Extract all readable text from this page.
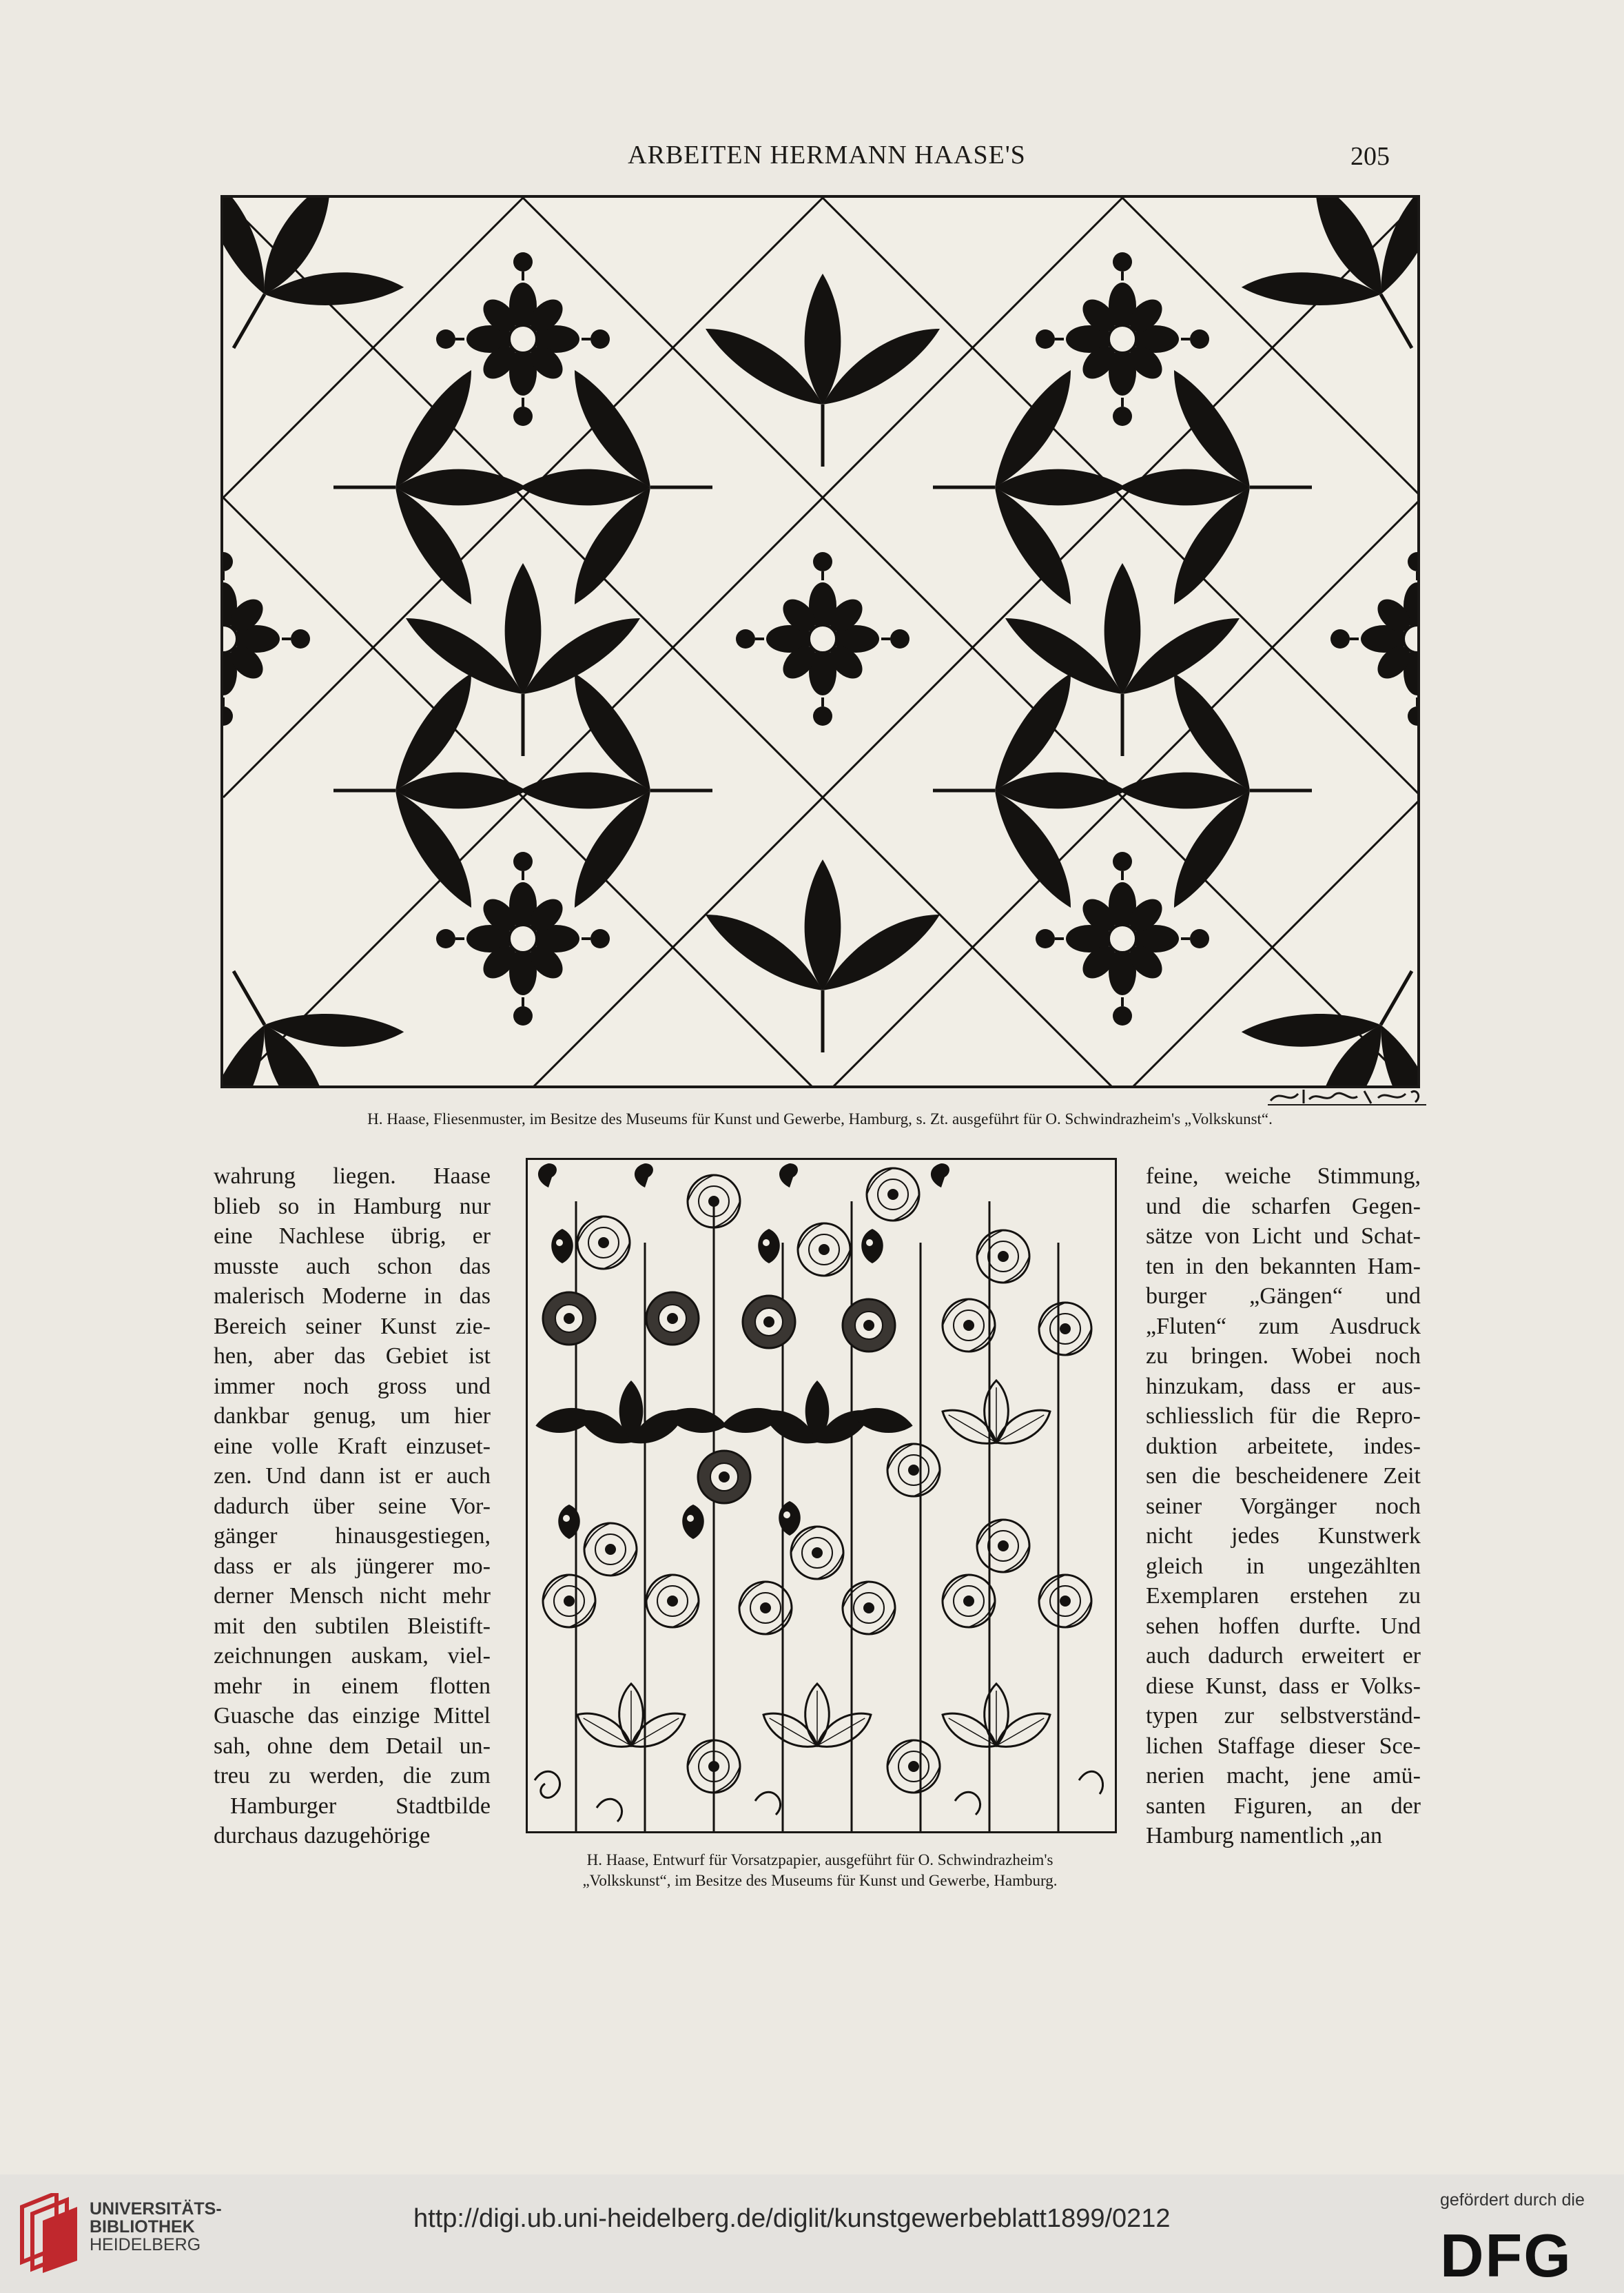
ARBEITEN HERMANN HAASE'S	205
H. Haase, Fliesenmuster, im Besitze des Museums für Kunst und Gewerbe, Hamburg, s. Zt. ausgeführt für O. Schwindrazheim's „Volkskunst“.
wahrung liegen. Haase
blieb so in Hamburg nur
eine Nachlese übrig, er
musste auch schon das
malerisch Moderne in das
Bereich seiner Kunst zie-
hen, aber das Gebiet ist
immer noch gross und
dankbar genug, um hier
eine volle Kraft einzuset-
zen. Und dann ist er auch
dadurch über seine Vor-
gänger hinausgestiegen,
dass er als jüngerer mo-
derner Mensch nicht mehr
mit den subtilen Bleistift-
zeichnungen auskam, viel-
mehr in einem flotten
Guasche das einzige Mittel
sah, ohne dem Detail un-
treu zu werden, die zum
Hamburger Stadtbilde
durchaus dazugehörige
H. Haase, Entwurf für Vorsatzpapier, ausgeführt für O. Schwindrazheim's
„Volkskunst“, im Besitze des Museums für Kunst und Gewerbe, Hamburg.
feine, weiche Stimmung,
und die scharfen Gegen-
sätze von Licht und Schat-
ten in den bekannten Ham-
burger „Gängen“ und
„Fluten“ zum Ausdruck
zu bringen. Wobei noch
hinzukam, dass er aus-
schliesslich für die Repro-
duktion arbeitete, indes-
sen die bescheidenere Zeit
seiner Vorgänger noch
nicht jedes Kunstwerk
gleich in ungezählten
Exemplaren erstehen zu
sehen hoffen durfte. Und
auch dadurch erweitert er
diese Kunst, dass er Volks-
typen zur selbstverständ-
lichen Staffage dieser Sce-
nerien macht, jene amü-
santen Figuren, an der
Hamburg namentlich „an
UNIVERSITÄTS-
BIBLIOTHEK
HEIDELBERG
http://digi.ub.uni-heidelberg.de/diglit/kunstgewerbeblatt1899/0212
gefördert durch die
DFG
